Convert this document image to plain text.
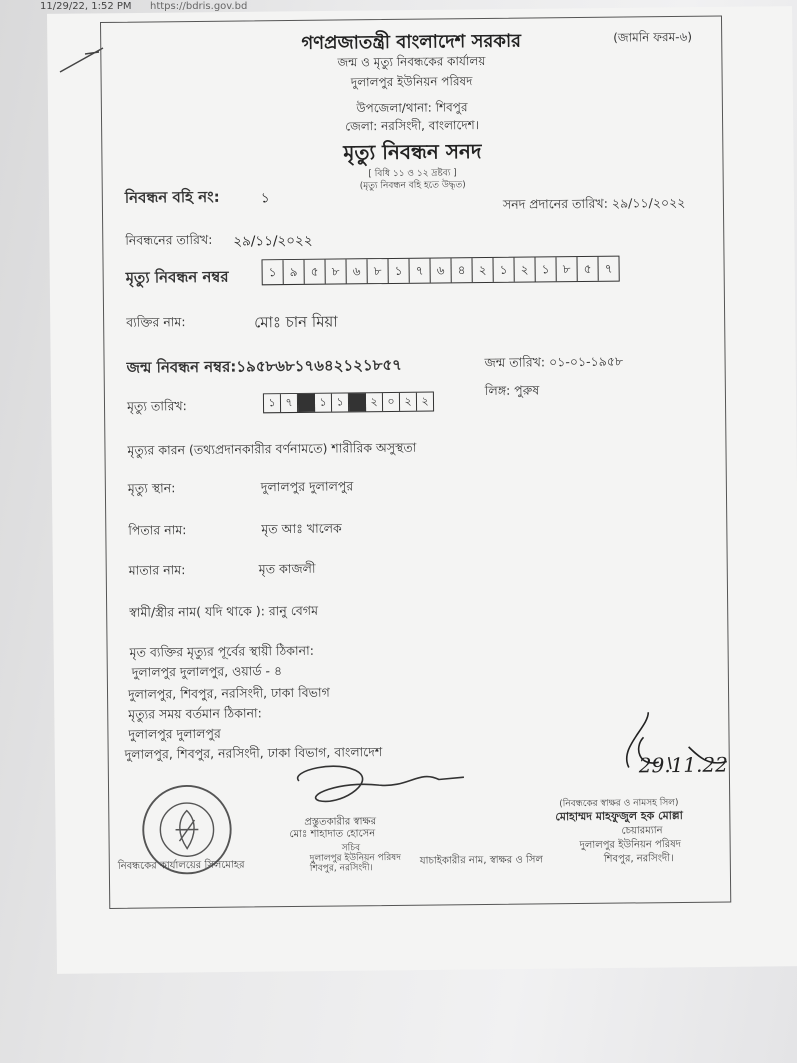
11/29/22, 1:52 PM https://bdris.gov.bd
গণপ্রজাতন্ত্রী বাংলাদেশ সরকার	(জামনি ফরম-৬)
জন্ম ও মৃত্যু নিবন্ধকের কার্যালয়
দুলালপুর ইউনিয়ন পরিষদ
উপজেলা/থানা: শিবপুর
জেলা: নরসিংদী, বাংলাদেশ।
মৃত্যু নিবন্ধন সনদ
[ বিধি ১১ ও ১২ দ্রষ্টব্য ]
(মৃত্যু নিবন্ধন বহি হতে উদ্ধৃত)
নিবন্ধন বহি নং:	১	সনদ প্রদানের তারিখ: ২৯/১১/২০২২
নিবন্ধনের তারিখ: ২৯/১১/২০২২
মৃত্যু নিবন্ধন নম্বর	১	৯	৫	৮	৬	৮	১	৭	৬	৪	২	১	২	১	৮	৫	৭
ব্যক্তির নাম:	মোঃ চান মিয়া
জন্ম নিবন্ধন নম্বর:১৯৫৮৬৮১৭৬৪২১২১৮৫৭	জন্ম তারিখ: ০১-০১-১৯৫৮
মৃত্যু তারিখ:	১ ৭	১ ১	২ ০ ২ ২
লিঙ্গ: পুরুষ
মৃত্যুর কারন (তথ্যপ্রদানকারীর বর্ণনামতে) শারীরিক অসুস্থতা
মৃত্যু স্থান:	দুলালপুর দুলালপুর
পিতার নাম:	মৃত আঃ খালেক
মাতার নাম:	মৃত কাজলী
স্বামী/স্ত্রীর নাম( যদি থাকে ): রানু বেগম
মৃত ব্যক্তির মৃত্যুর পূর্বের স্থায়ী ঠিকানা:
দুলালপুর দুলালপুর, ওয়ার্ড - ৪
দুলালপুর, শিবপুর, নরসিংদী, ঢাকা বিভাগ
মৃত্যুর সময় বর্তমান ঠিকানা:
দুলালপুর দুলালপুর
দুলালপুর, শিবপুর, নরসিংদী, ঢাকা বিভাগ, বাংলাদেশ
প্রস্তুতকারীর স্বাক্ষর
মোঃ শাহাদাত হোসেন
সচিব
দুলালপুর ইউনিয়ন পরিষদ
শিবপুর, নরসিংদী।
নিবন্ধকের কার্যালয়ের সিলমোহর	যাচাইকারীর নাম, স্বাক্ষর ও সিল
29.11.22
(নিবন্ধকের স্বাক্ষর ও নামসহ সিল)
মোহাম্মদ মাহফুজুল হক মোল্লা
চেয়ারম্যান
দুলালপুর ইউনিয়ন পরিষদ
শিবপুর, নরসিংদী।
